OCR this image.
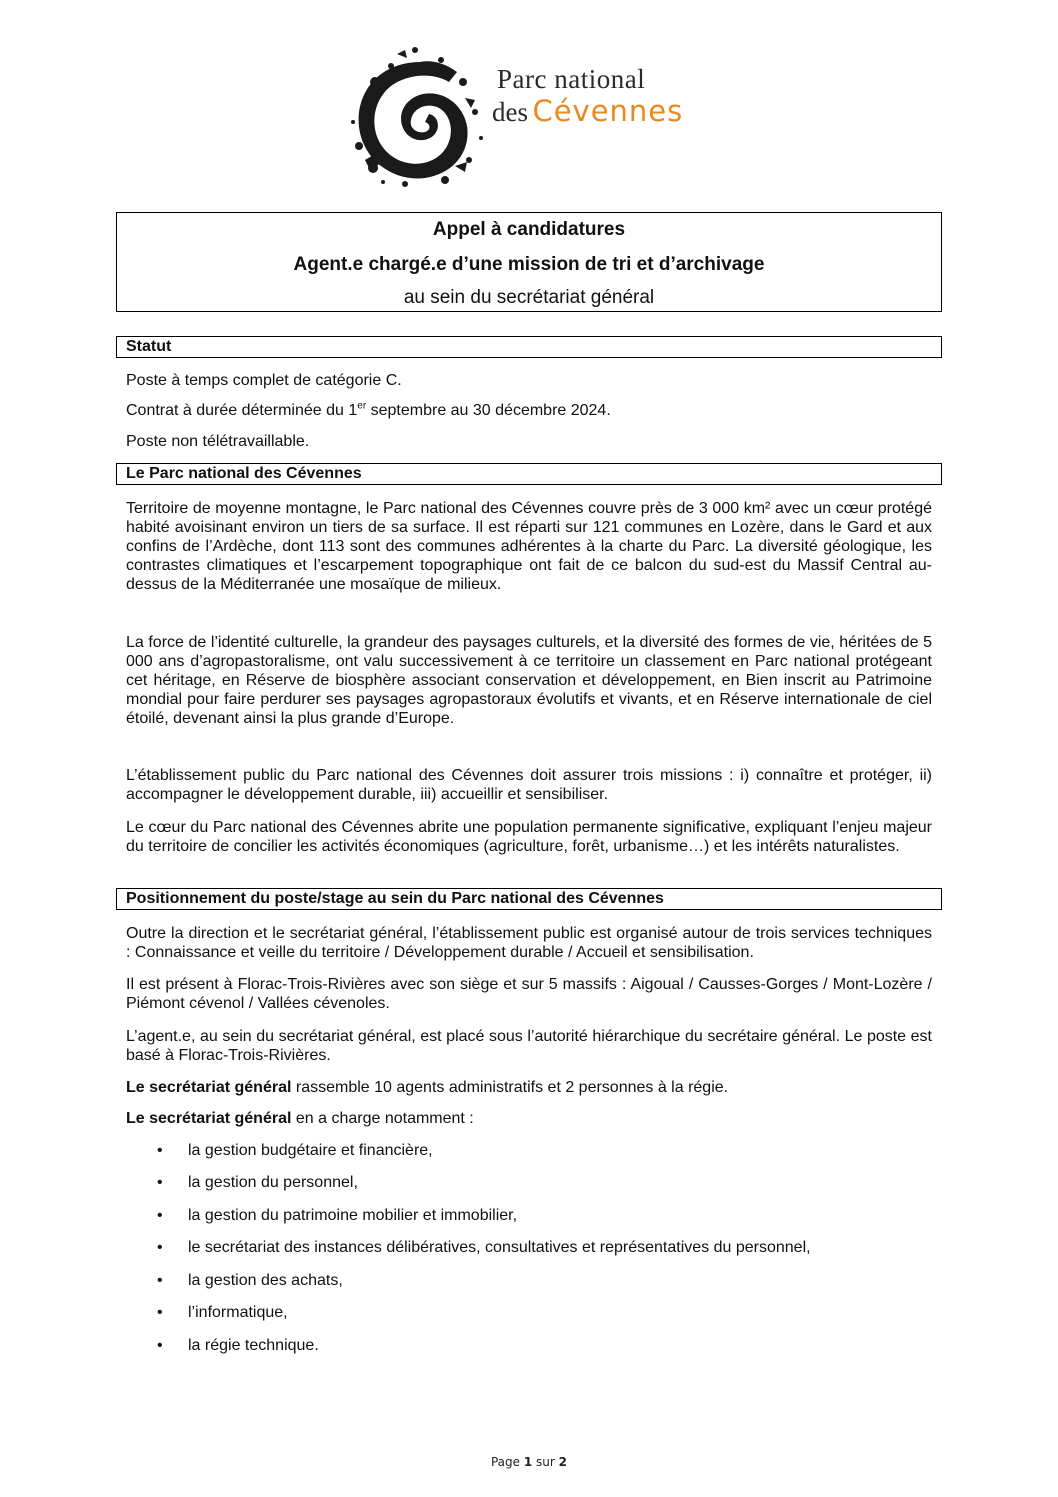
Parc national
des Cévennes
Appel à candidatures
Agent.e chargé.e d’une mission de tri et d’archivage
au sein du secrétariat général
Statut

Poste à temps complet de catégorie C.

Contrat à durée déterminée du 1er septembre au 30 décembre 2024.

Poste non télétravaillable.

Le Parc national des Cévennes

Territoire de moyenne montagne, le Parc national des Cévennes couvre près de 3 000 km² avec un cœur protégé habité avoisinant environ un tiers de sa surface. Il est réparti sur 121 communes en Lozère, dans le Gard et aux confins de l’Ardèche, dont 113 sont des communes adhérentes à la charte du Parc. La diversité géologique, les contrastes climatiques et l’escarpement topographique ont fait de ce balcon du sud-est du Massif Central au-dessus de la Méditerranée une mosaïque de milieux.

La force de l’identité culturelle, la grandeur des paysages culturels, et la diversité des formes de vie, héritées de 5 000 ans d’agropastoralisme, ont valu successivement à ce territoire un classement en Parc national protégeant cet héritage, en Réserve de biosphère associant conservation et développement, en Bien inscrit au Patrimoine mondial pour faire perdurer ses paysages agropastoraux évolutifs et vivants, et en Réserve internationale de ciel étoilé, devenant ainsi la plus grande d’Europe.

L’établissement public du Parc national des Cévennes doit assurer trois missions : i) connaître et protéger, ii) accompagner le développement durable, iii) accueillir et sensibiliser.

Le cœur du Parc national des Cévennes abrite une population permanente significative, expliquant l’enjeu majeur du territoire de concilier les activités économiques (agriculture, forêt, urbanisme…) et les intérêts naturalistes.

Positionnement du poste/stage au sein du Parc national des Cévennes

Outre la direction et le secrétariat général, l’établissement public est organisé autour de trois services techniques : Connaissance et veille du territoire / Développement durable / Accueil et sensibilisation.

Il est présent à Florac-Trois-Rivières avec son siège et sur 5 massifs : Aigoual / Causses-Gorges / Mont-Lozère / Piémont cévenol / Vallées cévenoles.

L’agent.e, au sein du secrétariat général, est placé sous l’autorité hiérarchique du secrétaire général. Le poste est basé à Florac-Trois-Rivières.

Le secrétariat général rassemble 10 agents administratifs et 2 personnes à la régie.

Le secrétariat général en a charge notamment :

• la gestion budgétaire et financière,
• la gestion du personnel,
• la gestion du patrimoine mobilier et immobilier,
• le secrétariat des instances délibératives, consultatives et représentatives du personnel,
• la gestion des achats,
• l’informatique,
• la régie technique.
Page 1 sur 2
